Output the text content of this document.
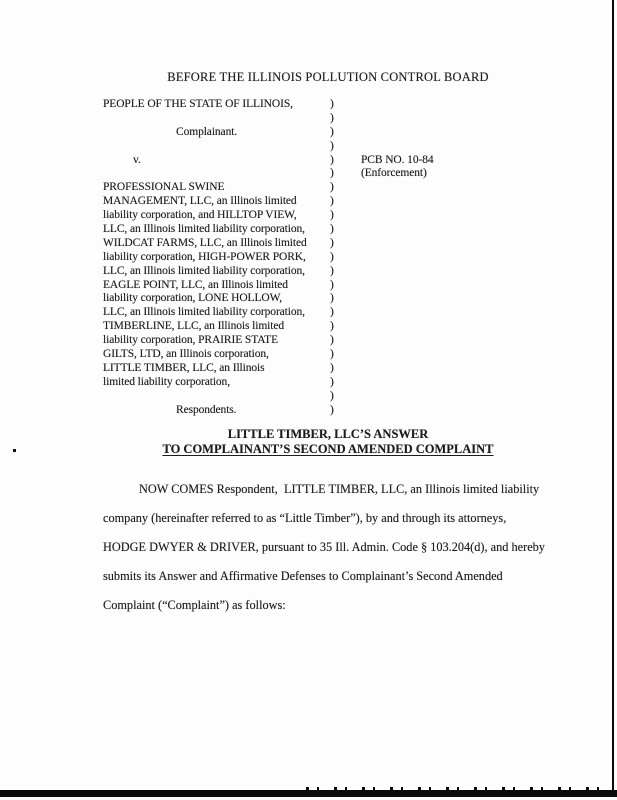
BEFORE THE ILLINOIS POLLUTION CONTROL BOARD
PEOPLE OF THE STATE OF ILLINOIS,	)
)
Complainant.	)
)
v.	) PCB NO. 10-84
) (Enforcement)
PROFESSIONAL SWINE	)
MANAGEMENT, LLC, an Illinois limited	)
liability corporation, and HILLTOP VIEW,	)
LLC, an Illinois limited liability corporation, )
WILDCAT FARMS, LLC, an Illinois limited )
liability corporation, HIGH-POWER PORK, )
LLC, an Illinois limited liability corporation, )
EAGLE POINT, LLC, an Illinois limited	)
liability corporation, LONE HOLLOW,	)
LLC, an Illinois limited liability corporation, )
TIMBERLINE, LLC, an Illinois limited	)
liability corporation, PRAIRIE STATE	)
GILTS, LTD, an Illinois corporation,	)
LITTLE TIMBER, LLC, an Illinois	)
limited liability corporation,	)
)
Respondents.	)
LITTLE TIMBER, LLC’S ANSWER
TO COMPLAINANT’S SECOND AMENDED COMPLAINT
NOW COMES Respondent,  LITTLE TIMBER, LLC, an Illinois limited liability
company (hereinafter referred to as “Little Timber”), by and through its attorneys,
HODGE DWYER & DRIVER, pursuant to 35 Ill. Admin. Code § 103.204(d), and hereby
submits its Answer and Affirmative Defenses to Complainant’s Second Amended
Complaint (“Complaint”) as follows:
